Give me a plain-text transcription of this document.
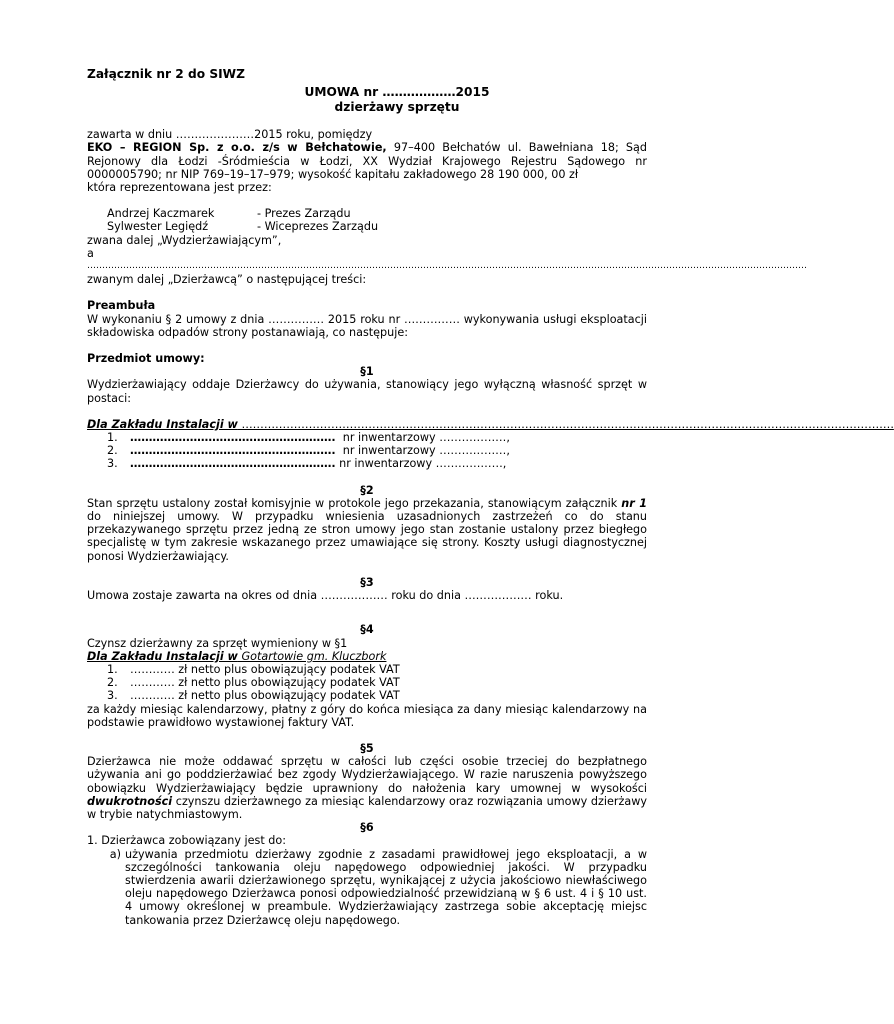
Załącznik nr 2 do SIWZ

UMOWA nr ………………2015

dzierżawy sprzętu

zawarta w dniu …………………2015 roku, pomiędzy

EKO – REGION Sp. z o.o. z/s w Bełchatowie, 97–400 Bełchatów ul. Bawełniana 18; Sąd Rejonowy dla Łodzi -Śródmieścia w Łodzi, XX Wydział Krajowego Rejestru Sądowego nr 0000005790; nr NIP 769–19–17–979; wysokość kapitału zakładowego 28 190 000, 00 zł

która reprezentowana jest przez:

Andrzej Kaczmarek	- Prezes Zarządu
Sylwester Legiędź	- Wiceprezes Zarządu

zwana dalej „Wydzierżawiającym”,

a

……………………………………………………………………………………………………………………………………………………………………………………………………………………

zwanym dalej „Dzierżawcą” o następującej treści:

Preambuła

W wykonaniu § 2 umowy z dnia …………… 2015 roku nr …………… wykonywania usługi eksploatacji składowiska odpadów strony postanawiają, co następuje:

Przedmiot umowy:

§1

Wydzierżawiający oddaje Dzierżawcy do używania, stanowiący jego wyłączną własność sprzęt w postaci:

Dla Zakładu Instalacji w ………………………………………………………………………………………………………………………………………………………….

1.	………………………………………………. nr inwentarzowy ………………,
2.	………………………………………………. nr inwentarzowy ………………,
3.	………………………………………………. nr inwentarzowy ………………,

§2

Stan sprzętu ustalony został komisyjnie w protokole jego przekazania, stanowiącym załącznik nr 1 do niniejszej umowy. W przypadku wniesienia uzasadnionych zastrzeżeń co do stanu przekazywanego sprzętu przez jedną ze stron umowy jego stan zostanie ustalony przez biegłego specjalistę w tym zakresie wskazanego przez umawiające się strony. Koszty usługi diagnostycznej ponosi Wydzierżawiający.

§3

Umowa zostaje zawarta na okres od dnia ……………… roku do dnia ……………… roku.

§4

Czynsz dzierżawny za sprzęt wymieniony w §1

Dla Zakładu Instalacji w Gotartowie gm. Kluczbork

1.	………… zł netto plus obowiązujący podatek VAT
2.	………… zł netto plus obowiązujący podatek VAT
3.	………… zł netto plus obowiązujący podatek VAT

za każdy miesiąc kalendarzowy, płatny z góry do końca miesiąca za dany miesiąc kalendarzowy na podstawie prawidłowo wystawionej faktury VAT.

§5

Dzierżawca nie może oddawać sprzętu w całości lub części osobie trzeciej do bezpłatnego używania ani go poddzierżawiać bez zgody Wydzierżawiającego. W razie naruszenia powyższego obowiązku Wydzierżawiający będzie uprawniony do nałożenia kary umownej w wysokości dwukrotności czynszu dzierżawnego za miesiąc kalendarzowy oraz rozwiązania umowy dzierżawy w trybie natychmiastowym.

§6

1. Dzierżawca zobowiązany jest do:

a) używania przedmiotu dzierżawy zgodnie z zasadami prawidłowej jego eksploatacji, a w szczególności tankowania oleju napędowego odpowiedniej jakości. W przypadku stwierdzenia awarii dzierżawionego sprzętu, wynikającej z użycia jakościowo niewłaściwego oleju napędowego Dzierżawca ponosi odpowiedzialność przewidzianą w § 6 ust. 4 i § 10 ust. 4 umowy określonej w preambule. Wydzierżawiający zastrzega sobie akceptację miejsc tankowania przez Dzierżawcę oleju napędowego.
